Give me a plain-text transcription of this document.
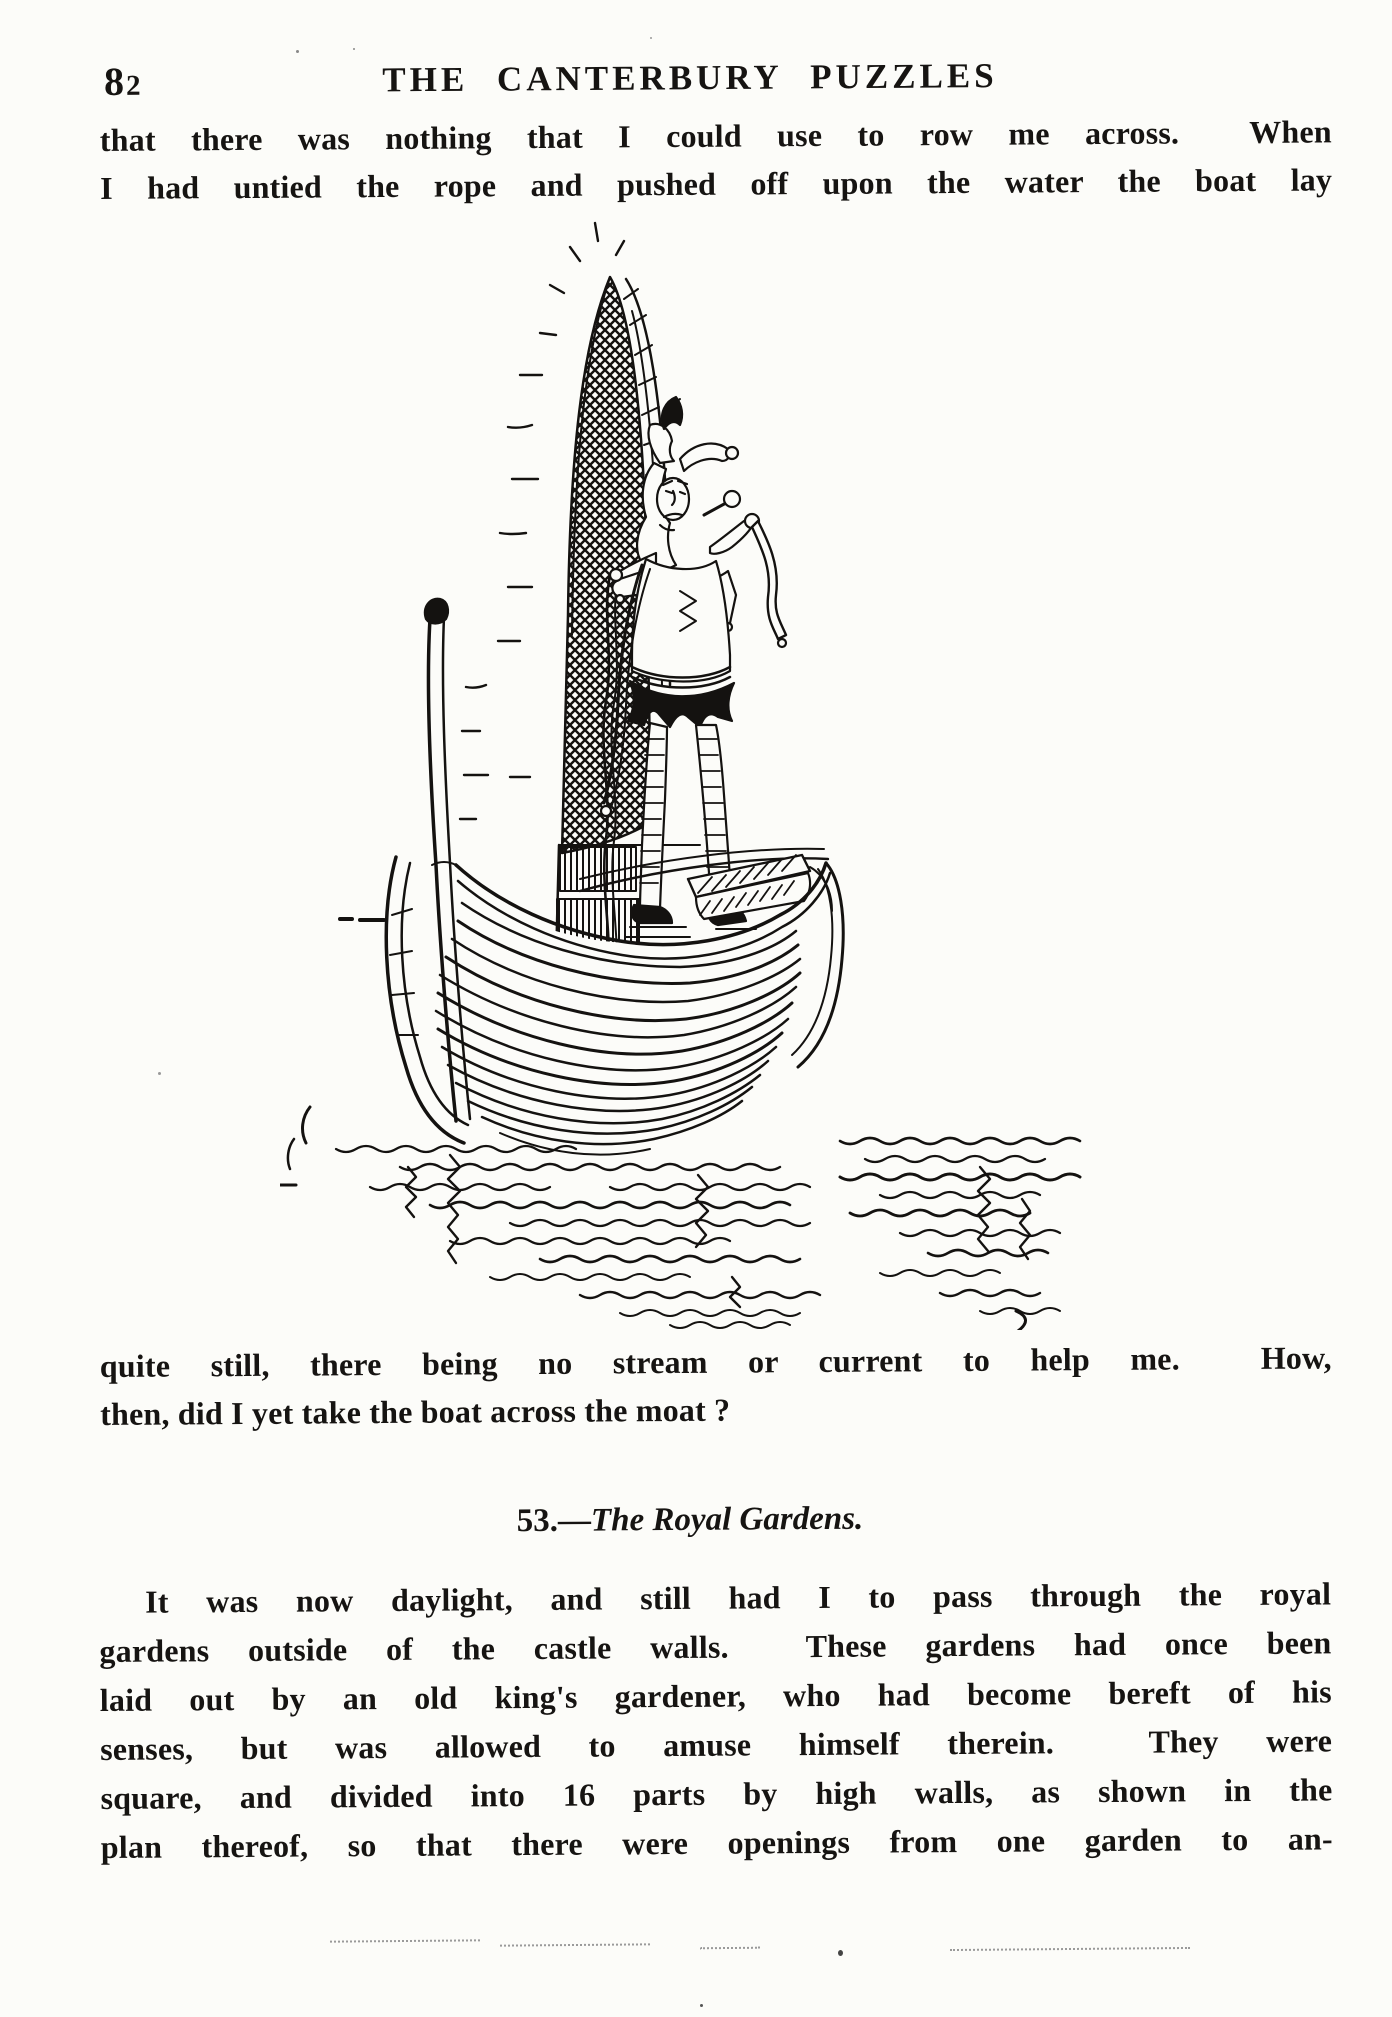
82	THE CANTERBURY PUZZLES
that there was nothing that I could use to row me across.  When
I had untied the rope and pushed off upon the water the boat lay
quite still, there being no stream or current to help me.  How,
then, did I yet take the boat across the moat ?
53.—The Royal Gardens.
It was now daylight, and still had I to pass through the royal
gardens outside of the castle walls.  These gardens had once been
laid out by an old king's gardener, who had become bereft of his
senses, but was allowed to amuse himself therein.  They were
square, and divided into 16 parts by high walls, as shown in the
plan thereof, so that there were openings from one garden to an-
